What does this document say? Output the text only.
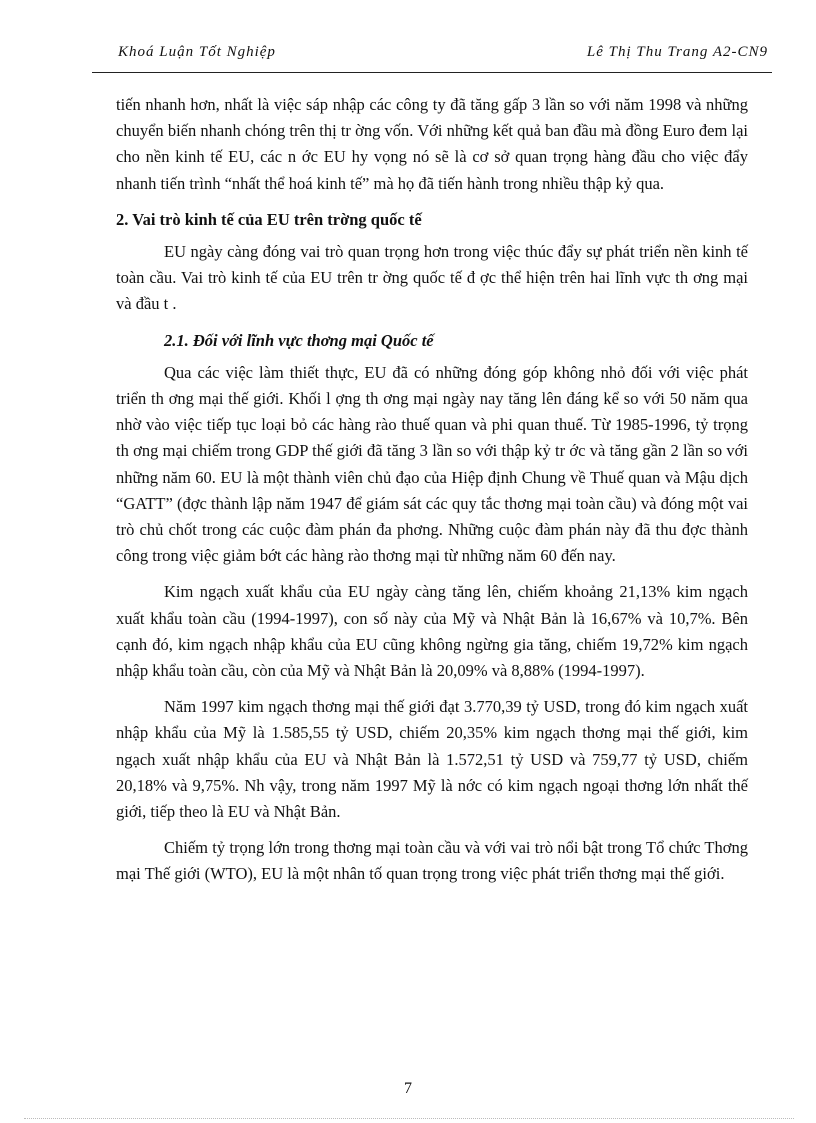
Khoá Luận Tốt Nghiệp	Lê Thị Thu Trang A2-CN9

tiến nhanh hơn, nhất là việc sáp nhập các công ty đã tăng gấp 3 lần so với năm 1998 và những chuyển biến nhanh chóng trên thị tr ờng vốn. Với những kết quả ban đầu mà đồng Euro đem lại cho nền kinh tế EU, các n ớc EU hy vọng nó sẽ là cơ sở quan trọng hàng đầu cho việc đẩy nhanh tiến trình “nhất thể hoá kinh tế” mà họ đã tiến hành trong nhiều thập kỷ qua.

2. Vai trò kinh tế của EU trên trờng quốc tế

EU ngày càng đóng vai trò quan trọng hơn trong việc thúc đẩy sự phát triển nền kinh tế toàn cầu. Vai trò kinh tế của EU trên tr ờng quốc tế đ ợc thể hiện trên hai lĩnh vực th ơng mại và đầu t .

2.1. Đối với lĩnh vực thơng mại Quốc tế

Qua các việc làm thiết thực, EU đã có những đóng góp không nhỏ đối với việc phát triển th ơng mại thế giới. Khối l ợng th ơng mại ngày nay tăng lên đáng kể so với 50 năm qua nhờ vào việc tiếp tục loại bỏ các hàng rào thuế quan và phi quan thuế. Từ 1985-1996, tỷ trọng th ơng mại chiếm trong GDP thế giới đã tăng 3 lần so với thập kỷ tr ớc và tăng gần 2 lần so với những năm 60. EU là một thành viên chủ đạo của Hiệp định Chung về Thuế quan và Mậu dịch “GATT” (đợc thành lập năm 1947 để giám sát các quy tắc thơng mại toàn cầu) và đóng một vai trò chủ chốt trong các cuộc đàm phán đa phơng. Những cuộc đàm phán này đã thu đợc thành công trong việc giảm bớt các hàng rào thơng mại từ những năm 60 đến nay.

Kim ngạch xuất khẩu của EU ngày càng tăng lên, chiếm khoảng 21,13% kim ngạch xuất khẩu toàn cầu (1994-1997), con số này của Mỹ và Nhật Bản là 16,67% và 10,7%. Bên cạnh đó, kim ngạch nhập khẩu của EU cũng không ngừng gia tăng, chiếm 19,72% kim ngạch nhập khẩu toàn cầu, còn của Mỹ và Nhật Bản là 20,09% và 8,88% (1994-1997).

Năm 1997 kim ngạch thơng mại thế giới đạt 3.770,39 tỷ USD, trong đó kim ngạch xuất nhập khẩu của Mỹ là 1.585,55 tỷ USD, chiếm 20,35% kim ngạch thơng mại thế giới, kim ngạch xuất nhập khẩu của EU và Nhật Bản là 1.572,51 tỷ USD và 759,77 tỷ USD, chiếm 20,18% và 9,75%. Nh vậy, trong năm 1997 Mỹ là nớc có kim ngạch ngoại thơng lớn nhất thế giới, tiếp theo là EU và Nhật Bản.

Chiếm tỷ trọng lớn trong thơng mại toàn cầu và với vai trò nổi bật trong Tổ chức Thơng mại Thế giới (WTO), EU là một nhân tố quan trọng trong việc phát triển thơng mại thế giới.

7
